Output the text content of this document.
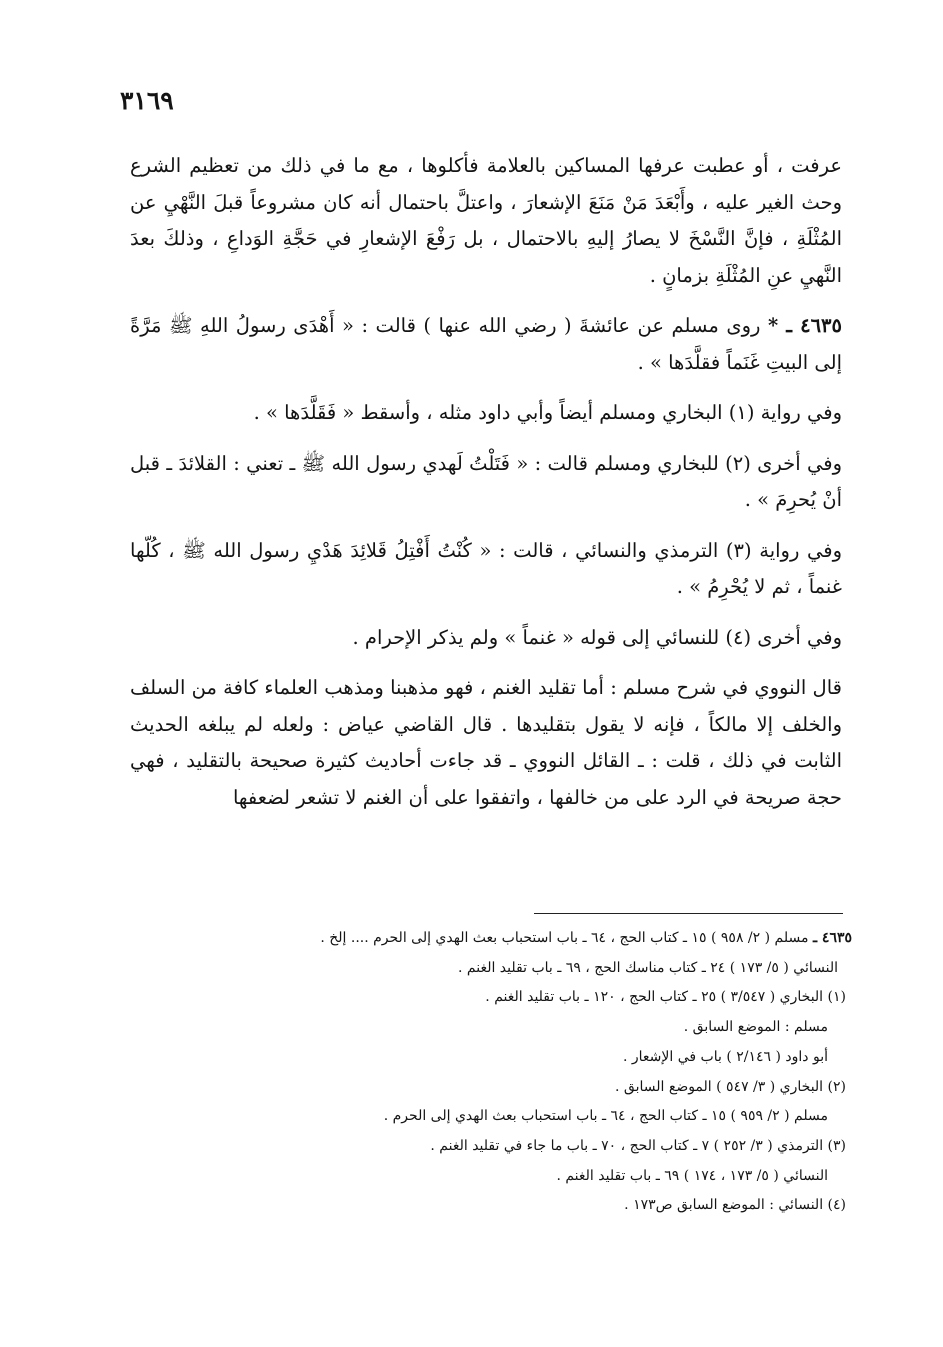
٣١٦٩

عرفت ، أو عطبت عرفها المساكين بالعلامة فأكلوها ، مع ما في ذلك من تعظيم الشرع وحث الغير عليه ، وأَبْعَدَ مَنْ مَنَعَ الإشعارَ ، واعتلَّ باحتمال أنه كان مشروعاً قبلَ النَّهْيِ عن المُثْلَةِ ، فإنَّ النَّسْخَ لا يصارُ إليهِ بالاحتمال ، بل رَفْعَ الإشعارِ في حَجَّةِ الوَداعِ ، وذلكَ بعدَ النَّهيِ عنِ المُثْلَةِ بزمانٍ .

٤٦٣٥ ـ * روى مسلم عن عائشةَ ( رضي الله عنها ) قالت : « أَهْدَى رسولُ اللهِ ﷺ مَرَّةً إلى البيتِ غَنَماً فقلَّدَها » .

وفي رواية (١) البخاري ومسلم أيضاً وأبي داود مثله ، وأسقط « فَقَلَّدَها » .

وفي أخرى (٢) للبخاري ومسلم قالت : « فَتَلْتُ لَهدي رسول الله ﷺ ـ تعني : القلائدَ ـ قبل أنْ يُحرِمَ » .

وفي رواية (٣) الترمذي والنسائي ، قالت : « كُنْتُ أَفْتِلُ قَلائِدَ هَدْيِ رسول الله ﷺ ، كُلّها غنماً ، ثم لا يُحْرِمُ » .

وفي أخرى (٤) للنسائي إلى قوله « غنماً » ولم يذكر الإحرام .

قال النووي في شرح مسلم : أما تقليد الغنم ، فهو مذهبنا ومذهب العلماء كافة من السلف والخلف إلا مالكاً ، فإنه لا يقول بتقليدها . قال القاضي عياض : ولعله لم يبلغه الحديث الثابت في ذلك ، قلت : ـ القائل النووي ـ قد جاءت أحاديث كثيرة صحيحة بالتقليد ، فهي حجة صريحة في الرد على من خالفها ، واتفقوا على أن الغنم لا تشعر لضعفها

٤٦٣٥ ـ مسلم ( ٢/ ٩٥٨ ) ١٥ ـ كتاب الحج ، ٦٤ ـ باب استحباب بعث الهدي إلى الحرم .... إلخ .
النسائي ( ٥/ ١٧٣ ) ٢٤ ـ كتاب مناسك الحج ، ٦٩ ـ باب تقليد الغنم .
(١) البخاري ( ٣/٥٤٧ ) ٢٥ ـ كتاب الحج ، ١٢٠ ـ باب تقليد الغنم .
مسلم : الموضع السابق .
أبو داود ( ٢/١٤٦ ) باب في الإشعار .
(٢) البخاري ( ٣/ ٥٤٧ ) الموضع السابق .
مسلم ( ٢/ ٩٥٩ ) ١٥ ـ كتاب الحج ، ٦٤ ـ باب استحباب بعث الهدي إلى الحرم .
(٣) الترمذي ( ٣/ ٢٥٢ ) ٧ ـ كتاب الحج ، ٧٠ ـ باب ما جاء في تقليد الغنم .
النسائي ( ٥/ ١٧٣ ، ١٧٤ ) ٦٩ ـ باب تقليد الغنم .
(٤) النسائي : الموضع السابق ص١٧٣ .
